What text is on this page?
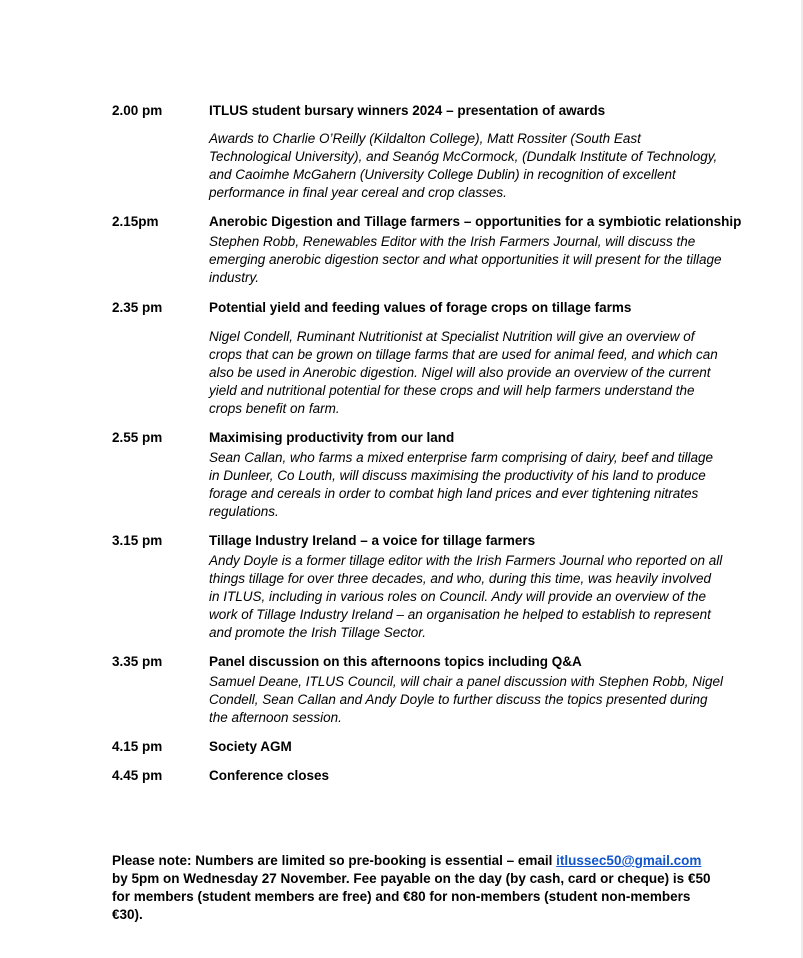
2.00 pm	ITLUS student bursary winners 2024 – presentation of awards
Awards to Charlie O’Reilly (Kildalton College), Matt Rossiter (South East Technological University), and Seanóg McCormock, (Dundalk Institute of Technology, and Caoimhe McGahern (University College Dublin) in recognition of excellent performance in final year cereal and crop classes.
2.15pm	Anerobic Digestion and Tillage farmers – opportunities for a symbiotic relationship
Stephen Robb, Renewables Editor with the Irish Farmers Journal, will discuss the emerging anerobic digestion sector and what opportunities it will present for the tillage industry.
2.35 pm	Potential yield and feeding values of forage crops on tillage farms
Nigel Condell, Ruminant Nutritionist at Specialist Nutrition will give an overview of crops that can be grown on tillage farms that are used for animal feed, and which can also be used in Anerobic digestion. Nigel will also provide an overview of the current yield and nutritional potential for these crops and will help farmers understand the crops benefit on farm.
2.55 pm	Maximising productivity from our land
Sean Callan, who farms a mixed enterprise farm comprising of dairy, beef and tillage in Dunleer, Co Louth, will discuss maximising the productivity of his land to produce forage and cereals in order to combat high land prices and ever tightening nitrates regulations.
3.15 pm	Tillage Industry Ireland – a voice for tillage farmers
Andy Doyle is a former tillage editor with the Irish Farmers Journal who reported on all things tillage for over three decades, and who, during this time, was heavily involved in ITLUS, including in various roles on Council. Andy will provide an overview of the work of Tillage Industry Ireland – an organisation he helped to establish to represent and promote the Irish Tillage Sector.
3.35 pm	Panel discussion on this afternoons topics including Q&A
Samuel Deane, ITLUS Council, will chair a panel discussion with Stephen Robb, Nigel Condell, Sean Callan and Andy Doyle to further discuss the topics presented during the afternoon session.
4.15 pm	Society AGM
4.45 pm	Conference closes
Please note: Numbers are limited so pre-booking is essential – email itlussec50@gmail.com by 5pm on Wednesday 27 November. Fee payable on the day (by cash, card or cheque) is €50 for members (student members are free) and €80 for non-members (student non-members €30).
